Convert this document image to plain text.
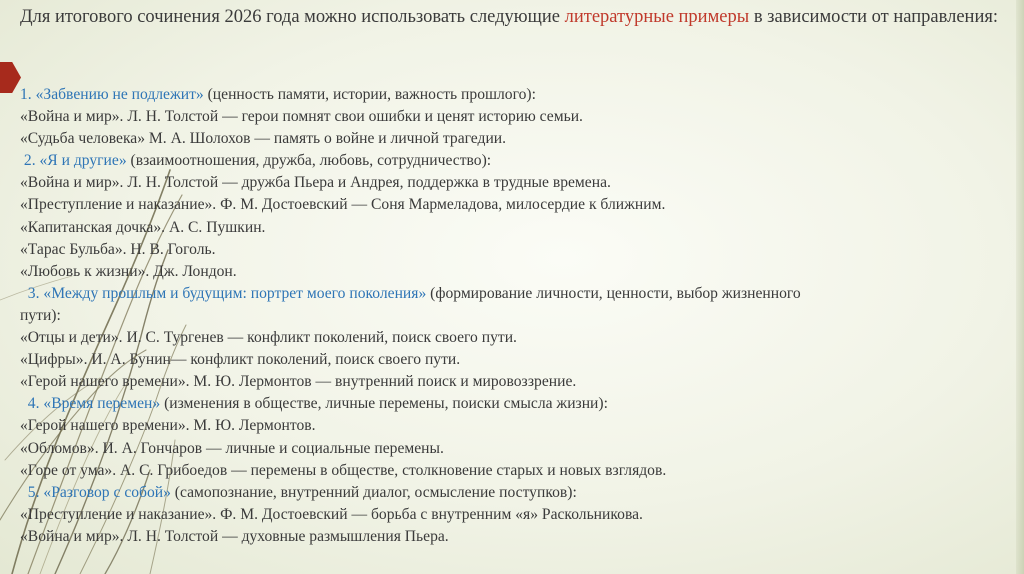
Для итогового сочинения 2026 года можно использовать следующие литературные примеры в зависимости от направления:
1. «Забвению не подлежит» (ценность памяти, истории, важность прошлого):
«Война и мир». Л. Н. Толстой — герои помнят свои ошибки и ценят историю семьи.
«Судьба человека» М. А. Шолохов — память о войне и личной трагедии.
2. «Я и другие» (взаимоотношения, дружба, любовь, сотрудничество):
«Война и мир». Л. Н. Толстой — дружба Пьера и Андрея, поддержка в трудные времена.
«Преступление и наказание». Ф. М. Достоевский — Соня Мармеладова, милосердие к ближним.
«Капитанская дочка». А. С. Пушкин.
«Тарас Бульба». Н. В. Гоголь.
«Любовь к жизни». Дж. Лондон.
3. «Между прошлым и будущим: портрет моего поколения» (формирование личности, ценности, выбор жизненного
пути):
«Отцы и дети». И. С. Тургенев — конфликт поколений, поиск своего пути.
«Цифры». И. А. Бунин— конфликт поколений, поиск своего пути.
«Герой нашего времени». М. Ю. Лермонтов — внутренний поиск и мировоззрение.
4. «Время перемен» (изменения в обществе, личные перемены, поиски смысла жизни):
«Герой нашего времени». М. Ю. Лермонтов.
«Обломов». И. А. Гончаров — личные и социальные перемены.
«Горе от ума». А. С. Грибоедов — перемены в обществе, столкновение старых и новых взглядов.
5. «Разговор с собой» (самопознание, внутренний диалог, осмысление поступков):
«Преступление и наказание». Ф. М. Достоевский — борьба с внутренним «я» Раскольникова.
«Война и мир». Л. Н. Толстой — духовные размышления Пьера.
